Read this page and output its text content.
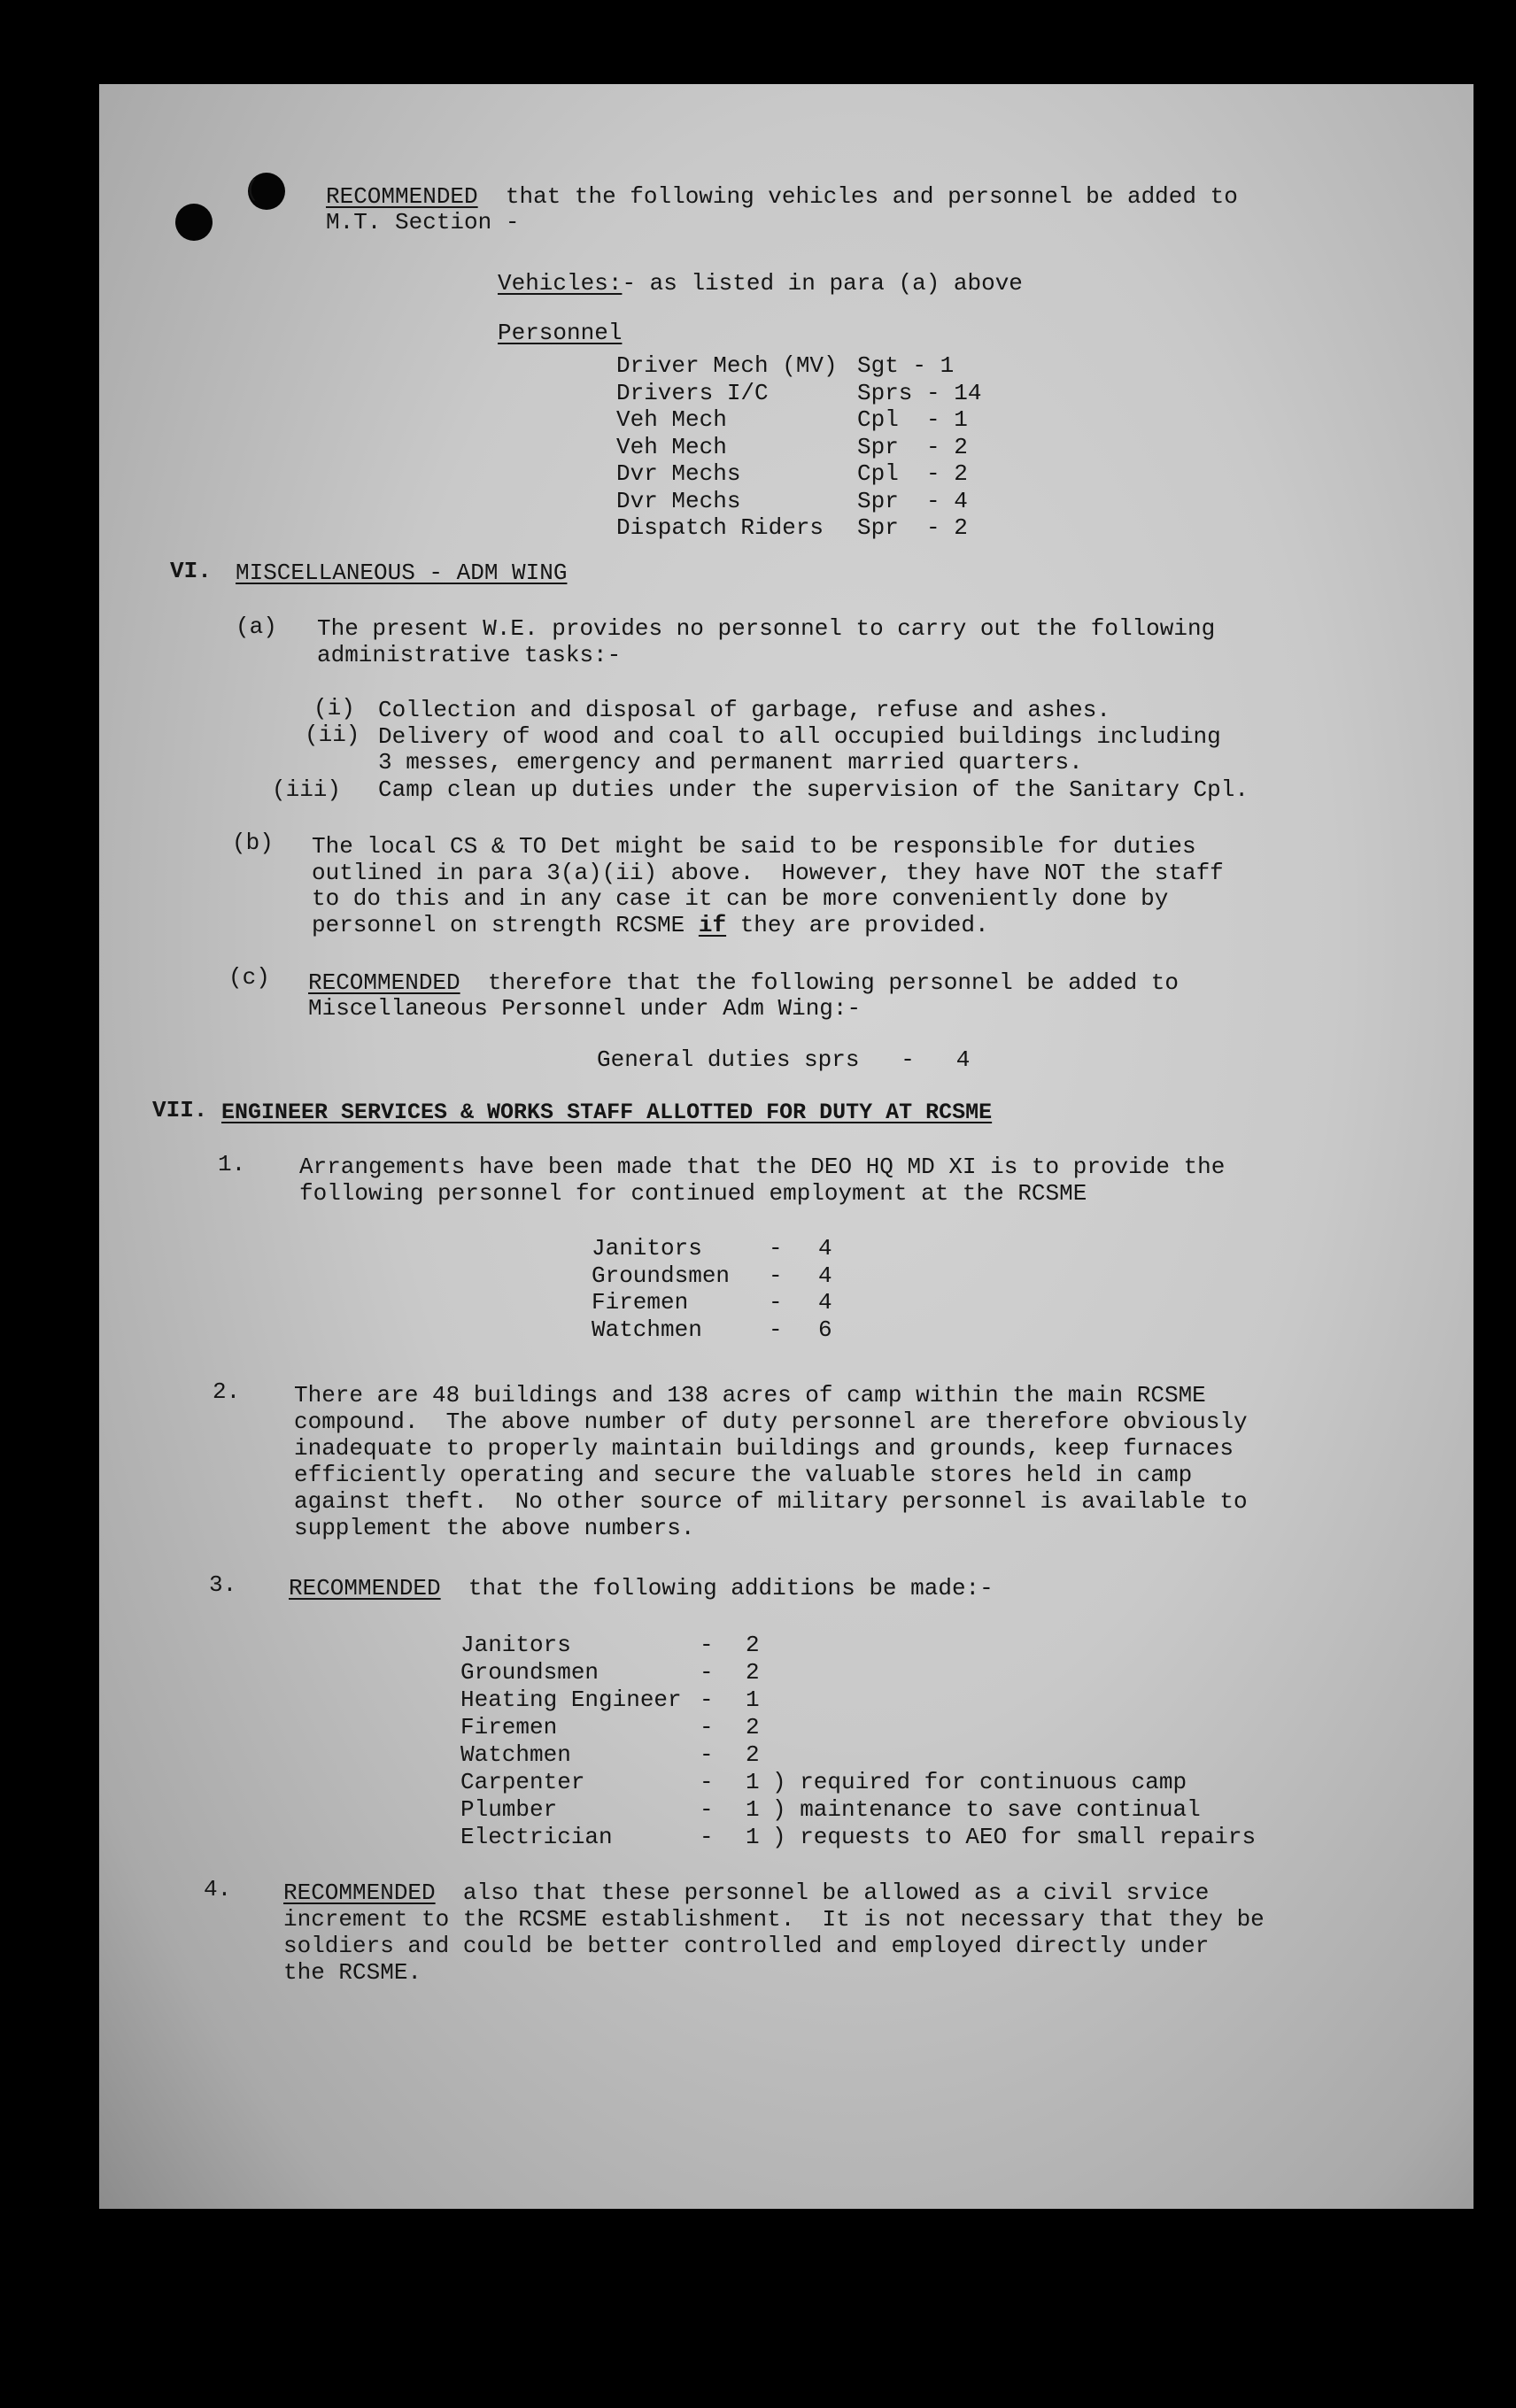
(	RECOMMENDED that the following vehicles and personnel be added to
M.T. Section -
Vehicles:- as listed in para (a) above
Personnel
Driver Mech (MV) Sgt - 1
Drivers I/C	Sprs - 14
Veh Mech	Cpl  - 1
Veh Mech	Spr  - 2
Dvr Mechs	Cpl  - 2
Dvr Mechs	Spr  - 4
Dispatch Riders	Spr  - 2
VI. MISCELLANEOUS - ADM WING
(a) The present W.E. provides no personnel to carry out the following
administrative tasks:-
(i) Collection and disposal of garbage, refuse and ashes.
(ii) Delivery of wood and coal to all occupied buildings including
3 messes, emergency and permanent married quarters.
(iii) Camp clean up duties under the supervision of the Sanitary Cpl.
(b) The local CS & TO Det might be said to be responsible for duties
outlined in para 3(a)(ii) above.  However, they have NOT the staff
to do this and in any case it can be more conveniently done by
personnel on strength RCSME if they are provided.
(c) RECOMMENDED therefore that the following personnel be added to
Miscellaneous Personnel under Adm Wing:-
General duties sprs - 4
VII. ENGINEER SERVICES & WORKS STAFF ALLOTTED FOR DUTY AT RCSME
1. Arrangements have been made that the DEO HQ MD XI is to provide the
following personnel for continued employment at the RCSME
Janitors	-	4
Groundsmen	-	4
Firemen	-	4
Watchmen	-	6
2. There are 48 buildings and 138 acres of camp within the main RCSME
compound.  The above number of duty personnel are therefore obviously
inadequate to properly maintain buildings and grounds, keep furnaces
efficiently operating and secure the valuable stores held in camp
against theft.  No other source of military personnel is available to
supplement the above numbers.
3. RECOMMENDED that the following additions be made:-
Janitors	-	2
Groundsmen	-	2
Heating Engineer -	1
Firemen	-	2
Watchmen	-	2
Carpenter	-	1 ) required for continuous camp
Plumber	-	1 ) maintenance to save continual
Electrician	-	1 ) requests to AEO for small repairs
4. RECOMMENDED also that these personnel be allowed as a civil srvice
increment to the RCSME establishment.  It is not necessary that they be
soldiers and could be better controlled and employed directly under
the RCSME.
